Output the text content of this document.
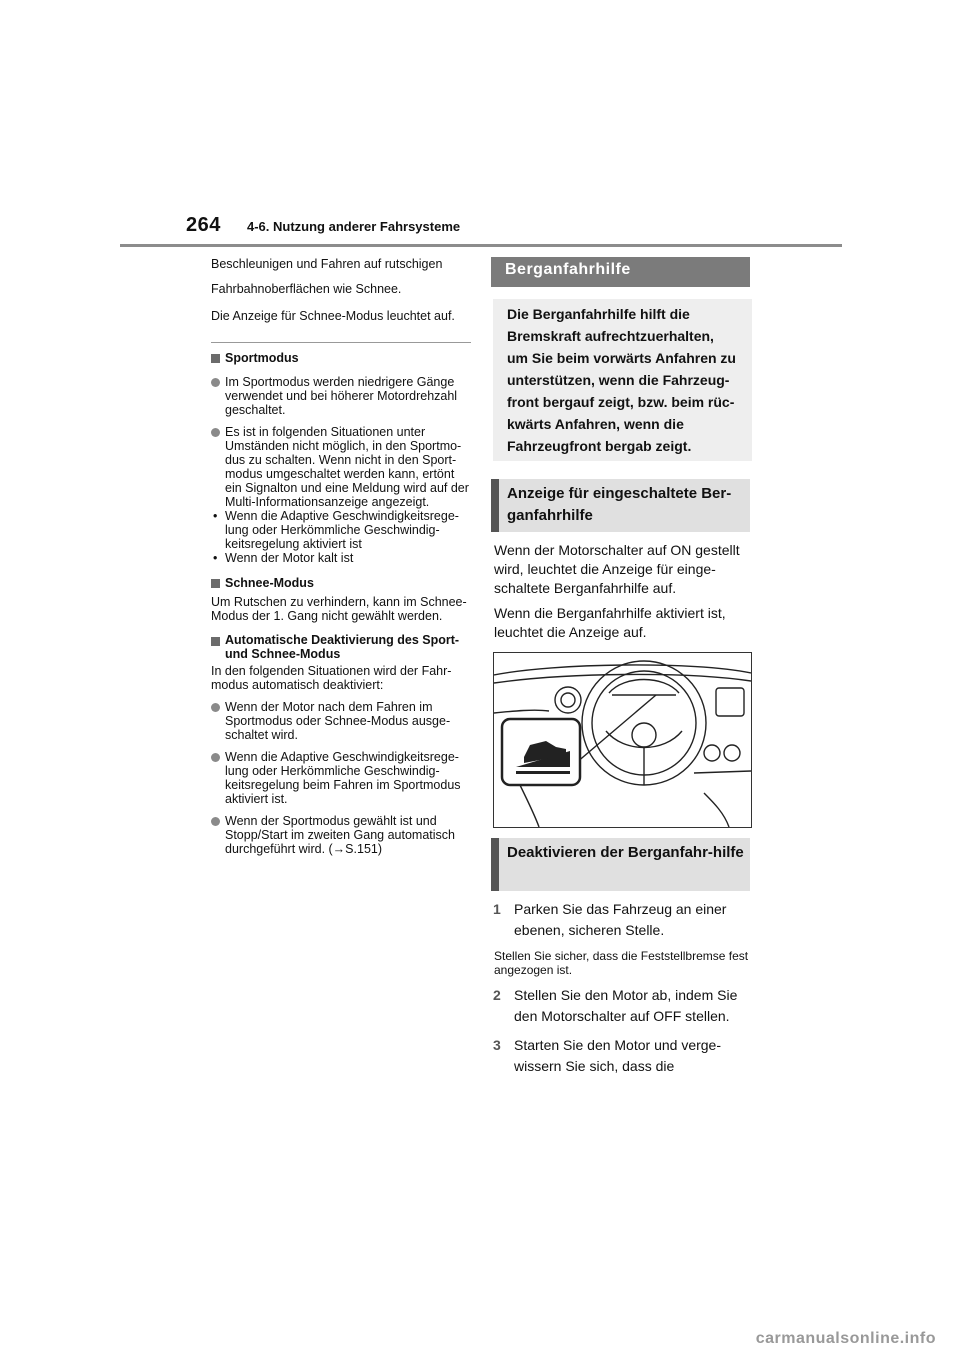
264 4-6. Nutzung anderer Fahrsysteme

Beschleunigen und Fahren auf rutschigen

Fahrbahnoberflächen wie Schnee.

Die Anzeige für Schnee-Modus leuchtet auf.

Sportmodus

Im Sportmodus werden niedrigere Gänge verwendet und bei höherer Motordrehzahl geschaltet.

Es ist in folgenden Situationen unter Umständen nicht möglich, in den Sportmo-dus zu schalten. Wenn nicht in den Sport-modus umgeschaltet werden kann, ertönt ein Signalton und eine Meldung wird auf der Multi-Informationsanzeige angezeigt.

• Wenn die Adaptive Geschwindigkeitsrege-lung oder Herkömmliche Geschwindig-keitsregelung aktiviert ist

• Wenn der Motor kalt ist

Schnee-Modus

Um Rutschen zu verhindern, kann im Schnee-Modus der 1. Gang nicht gewählt werden.

Automatische Deaktivierung des Sport- und Schnee-Modus

In den folgenden Situationen wird der Fahr-modus automatisch deaktiviert:

Wenn der Motor nach dem Fahren im Sportmodus oder Schnee-Modus ausge-schaltet wird.

Wenn die Adaptive Geschwindigkeitsrege-lung oder Herkömmliche Geschwindig-keitsregelung beim Fahren im Sportmodus aktiviert ist.

Wenn der Sportmodus gewählt ist und Stopp/Start im zweiten Gang automatisch durchgeführt wird. (→S.151)

Berganfahrhilfe

Die Berganfahrhilfe hilft die

Bremskraft aufrechtzuerhalten,

um Sie beim vorwärts Anfahren zu

unterstützen, wenn die Fahrzeug-

front bergauf zeigt, bzw. beim rüc-

kwärts Anfahren, wenn die

Fahrzeugfront bergab zeigt.

Anzeige für eingeschaltete Ber-ganfahrhilfe

Wenn der Motorschalter auf ON gestellt wird, leuchtet die Anzeige für einge-schaltete Berganfahrhilfe auf.

Wenn die Berganfahrhilfe aktiviert ist, leuchtet die Anzeige auf.

Deaktivieren der Berganfahr-hilfe
1 Parken Sie das Fahrzeug an einer ebenen, sicheren Stelle.
Stellen Sie sicher, dass die Feststellbremse fest angezogen ist.
2 Stellen Sie den Motor ab, indem Sie den Motorschalter auf OFF stellen.
3 Starten Sie den Motor und verge-wissern Sie sich, dass die
carmanualsonline.info
